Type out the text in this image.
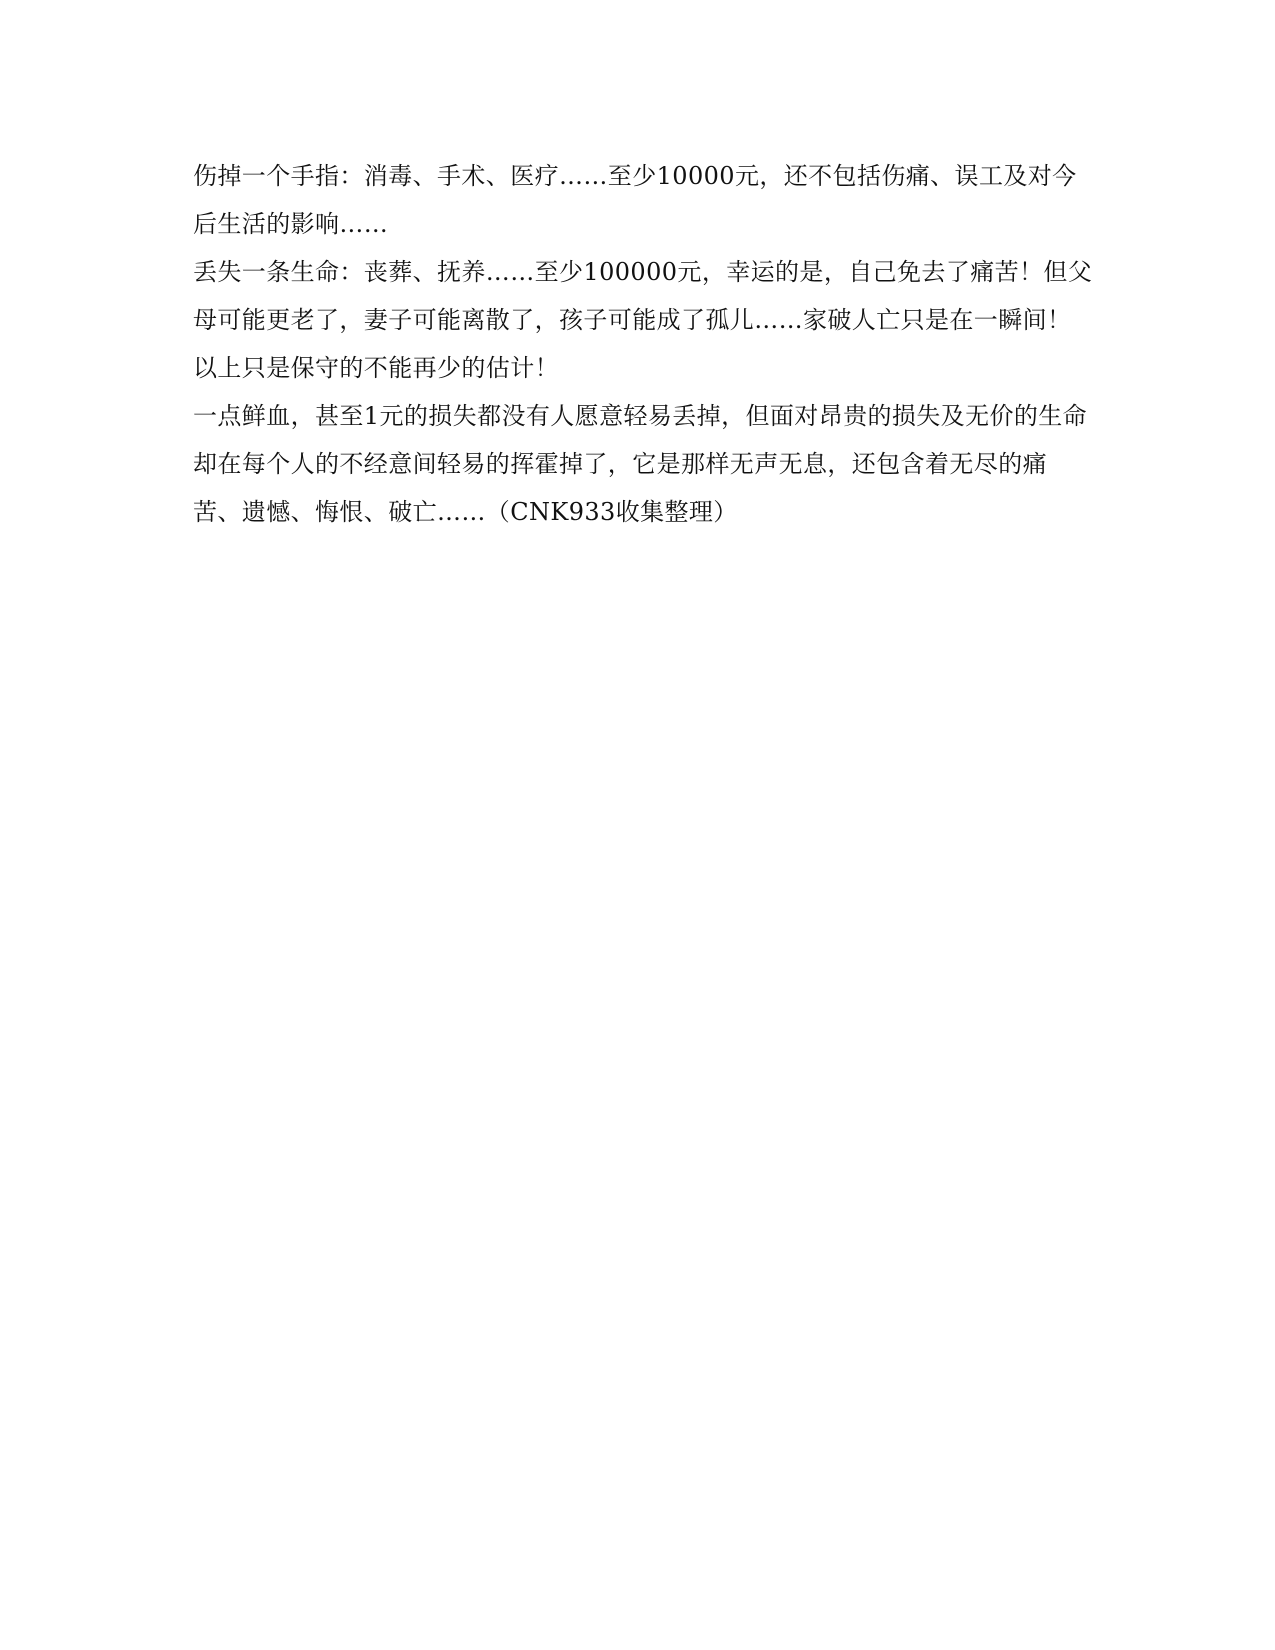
伤掉一个手指：消毒、手术、医疗……至少10000元，还不包括伤痛、误工及对今后生活的影响……

丢失一条生命：丧葬、抚养……至少100000元，幸运的是，自己免去了痛苦！但父母可能更老了，妻子可能离散了，孩子可能成了孤儿……家破人亡只是在一瞬间！

以上只是保守的不能再少的估计！

一点鲜血，甚至1元的损失都没有人愿意轻易丢掉，但面对昂贵的损失及无价的生命却在每个人的不经意间轻易的挥霍掉了，它是那样无声无息，还包含着无尽的痛苦、遗憾、悔恨、破亡……（CNK933收集整理）
